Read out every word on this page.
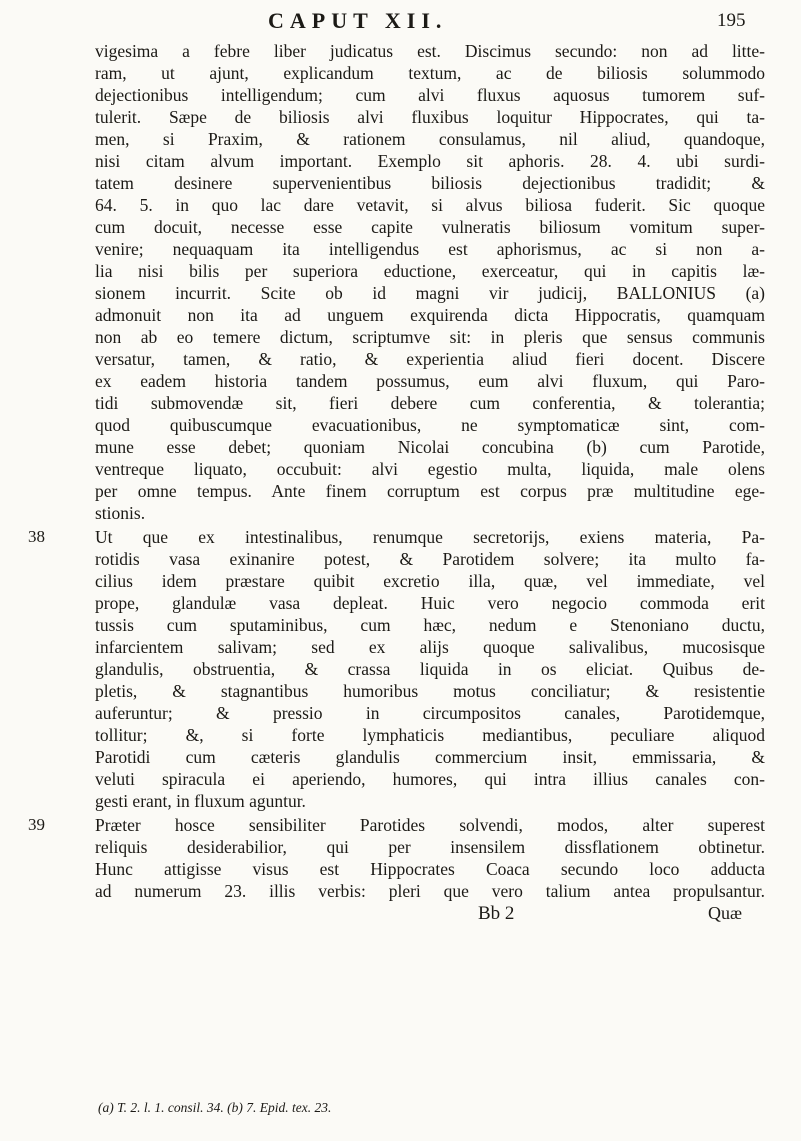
CAPUT XII.	195
vigesima a febre liber judicatus est. Discimus secundo: non ad litte-
ram, ut ajunt, explicandum textum, ac de biliosis solummodo
dejectionibus intelligendum; cum alvi fluxus aquosus tumorem suf-
tulerit. Sæpe de biliosis alvi fluxibus loquitur Hippocrates, qui ta-
men, si Praxim, & rationem consulamus, nil aliud, quandoque,
nisi citam alvum important. Exemplo sit aphoris. 28. 4. ubi surdi-
tatem desinere supervenientibus biliosis dejectionibus tradidit; &
64. 5. in quo lac dare vetavit, si alvus biliosa fuderit. Sic quoque
cum docuit, necesse esse capite vulneratis biliosum vomitum super-
venire; nequaquam ita intelligendus est aphorismus, ac si non a-
lia nisi bilis per superiora eductione, exerceatur, qui in capitis læ-
sionem incurrit. Scite ob id magni vir judicij, BALLONIUS (a)
admonuit non ita ad unguem exquirenda dicta Hippocratis, quamquam
non ab eo temere dictum, scriptumve sit: in pleris que sensus communis
versatur, tamen, & ratio, & experientia aliud fieri docent. Discere
ex eadem historia tandem possumus, eum alvi fluxum, qui Paro-
tidi submovendæ sit, fieri debere cum conferentia, & tolerantia;
quod quibuscumque evacuationibus, ne symptomaticæ sint, com-
mune esse debet; quoniam Nicolai concubina (b) cum Parotide,
ventreque liquato, occubuit: alvi egestio multa, liquida, male olens
per omne tempus. Ante finem corruptum est corpus præ multitudine ege-
stionis.
Ut que ex intestinalibus, renumque secretorijs, exiens materia, Pa-
rotidis vasa exinanire potest, & Parotidem solvere; ita multo fa-
cilius idem præstare quibit excretio illa, quæ, vel immediate, vel
prope, glandulæ vasa depleat. Huic vero negocio commoda erit
tussis cum sputaminibus, cum hæc, nedum e Stenoniano ductu,
infarcientem salivam; sed ex alijs quoque salivalibus, mucosisque
glandulis, obstruentia, & crassa liquida in os eliciat. Quibus de-
pletis, & stagnantibus humoribus motus conciliatur; & resistentie
auferuntur; & pressio in circumpositos canales, Parotidemque,
tollitur; &, si forte lymphaticis mediantibus, peculiare aliquod
Parotidi cum cæteris glandulis commercium insit, emmissaria, &
veluti spiracula ei aperiendo, humores, qui intra illius canales con-
gesti erant, in fluxum aguntur.
Præter hosce sensibiliter Parotides solvendi, modos, alter superest
reliquis desiderabilior, qui per insensilem dissflationem obtinetur.
Hunc attigisse visus est Hippocrates Coaca secundo loco adducta
ad numerum 23. illis verbis: pleri que vero talium antea propulsantur.
38
39
Bb 2	Quæ
(a) T. 2. l. 1. consil. 34. (b) 7. Epid. tex. 23.
